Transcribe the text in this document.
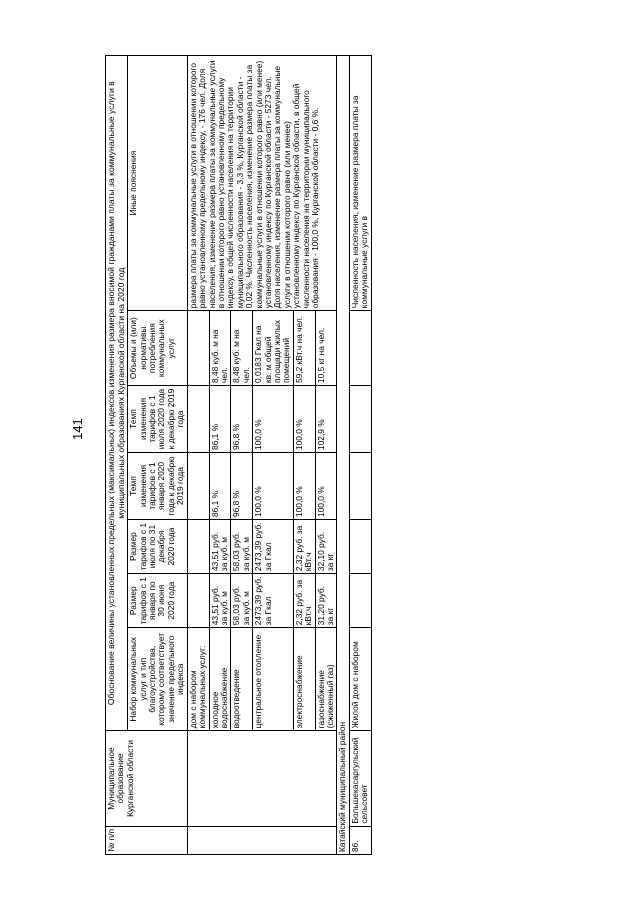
141
№ п/п	Муниципальное образование Курганской области	Обоснование величины установленных предельных (максимальных) индексов изменения размера вносимой гражданами платы за коммунальные услуги в муниципальных образованиях Курганской области на 2020 год						
		Набор коммунальных услуг и тип благоустройства, которому соответствует значение предельного индекса	Размер тарифов с 1 января по 30 июня 2020 года	Размер тарифов с 1 июля по 31 декабря 2020 года	Темп изменения тарифов с 1 января 2020 года к декабрю 2019 года	Темп изменения тарифов с 1 июля 2020 года к декабрю 2019 года	Объемы и (или) нормативы потребления коммунальных услуг	Иные пояснения
		дом с набором коммунальных услуг:						размера платы за коммунальные услуги в отношении которого равно установленному предельному индексу, - 176 чел. Доля населения, изменение размера платы за коммунальные услуги в отношении которого равно установленному предельному индексу, в общей численности населения на территории муниципального образования - 3,3 %, Курганской области - 0,02 %. Численность населения, изменение размера платы за коммунальные услуги в отношении которого равно (или менее) установленному индексу по Курганской области - 5273 чел. Доля населения, изменение размера платы за коммунальные услуги в отношении которого равно (или менее) установленному индексу по Курганской области, в общей численности населения на территории муниципального образования - 100,0 %, Курганской области - 0,6 %.
		холодное водоснабжение	43,51 руб. за куб. м	43,51 руб. за куб. м	86,1 %	86,1 %	8,48 куб. м на чел.	
		водоотведение	58,03 руб. за куб. м	58,03 руб. за куб. м	96,8 %	96,8 %	8,48 куб. м на чел.	
		центральное отопление	2473,39 руб. за Гкал	2473,39 руб. за Гкал	100,0 %	100,0 %	0,0183 Гкал на кв. м общей площади жилых помещений	
		электроснабжение	2,32 руб. за кВт.ч	2,32 руб. за кВт.ч	100,0 %	100,0 %	59,2 кВт.ч на чел.	
		газоснабжение (сжиженный газ)	31,20 руб. за кг	32,10 руб. за кг	100,0 %	102,9 %	10,5 кг на чел.	
Катайский муниципальный район								
86.	Большекасаргульский сельсовет	Жилой дом с набором						Численность населения, изменение размера платы за коммунальные услуги в
